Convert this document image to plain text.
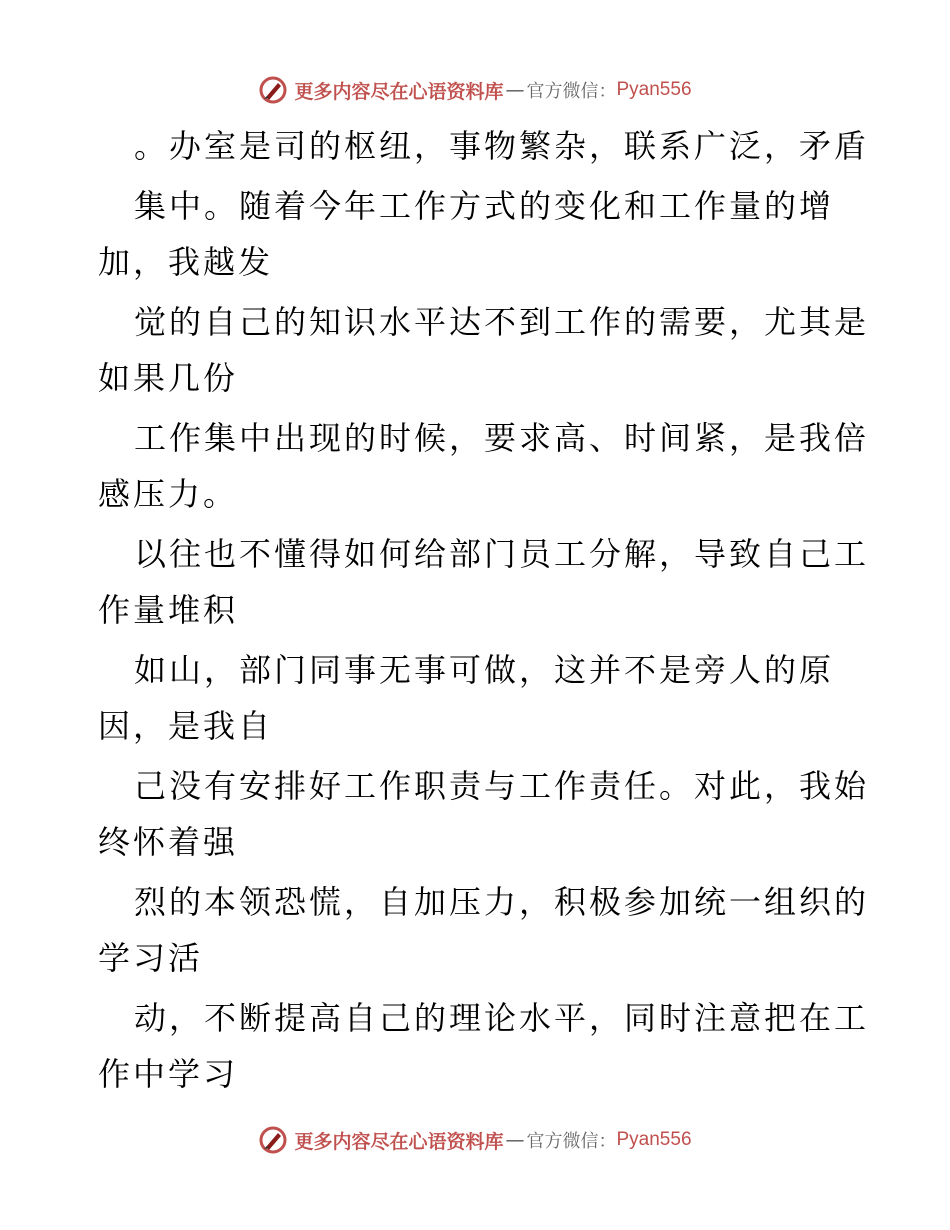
更多内容尽在心语资料库 — 官方微信： Pyan556
。办室是司的枢纽，事物繁杂，联系广泛，矛盾
集中。随着今年工作方式的变化和工作量的增
加，我越发
觉的自己的知识水平达不到工作的需要，尤其是
如果几份
工作集中出现的时候，要求高、时间紧，是我倍
感压力。
以往也不懂得如何给部门员工分解，导致自己工
作量堆积
如山，部门同事无事可做，这并不是旁人的原
因，是我自
己没有安排好工作职责与工作责任。对此，我始
终怀着强
烈的本领恐慌，自加压力，积极参加统一组织的
学习活
动，不断提高自己的理论水平，同时注意把在工
作中学习
更多内容尽在心语资料库 — 官方微信： Pyan556
